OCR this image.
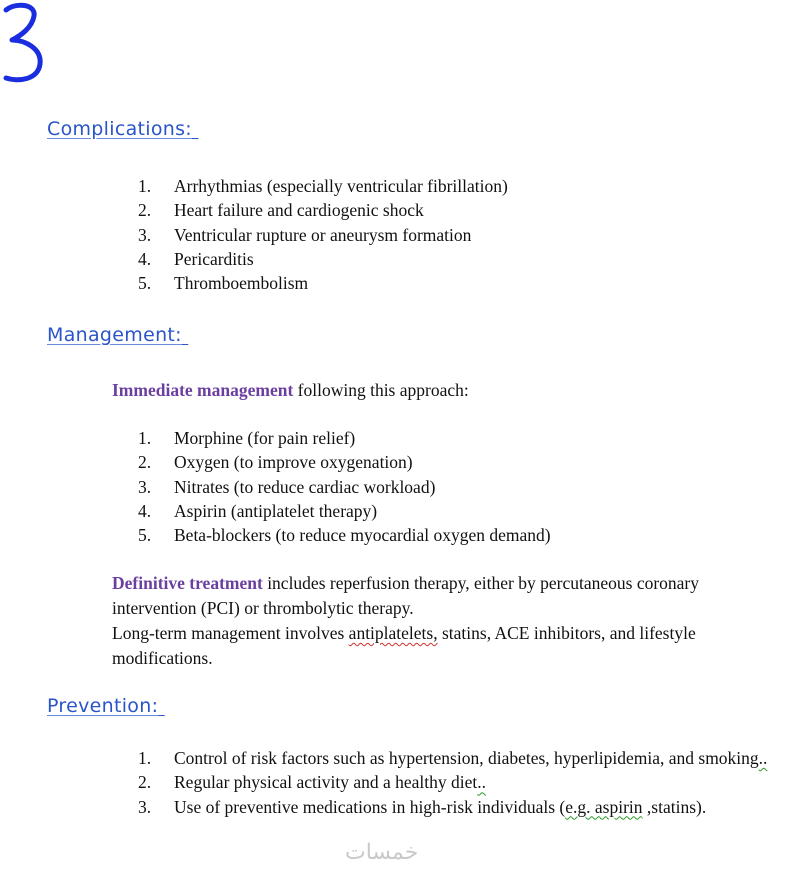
Complications:
1.	Arrhythmias (especially ventricular fibrillation)
2.	Heart failure and cardiogenic shock
3.	Ventricular rupture or aneurysm formation
4.	Pericarditis
5.	Thromboembolism
Management:

Immediate management following this approach:

1.	Morphine (for pain relief)
2.	Oxygen (to improve oxygenation)
3.	Nitrates (to reduce cardiac workload)
4.	Aspirin (antiplatelet therapy)
5.	Beta-blockers (to reduce myocardial oxygen demand)

Definitive treatment includes reperfusion therapy, either by percutaneous coronary intervention (PCI) or thrombolytic therapy.

Long-term management involves antiplatelets, statins, ACE inhibitors, and lifestyle modifications.

Prevention:
1.	Control of risk factors such as hypertension, diabetes, hyperlipidemia, and smoking..
2.	Regular physical activity and a healthy diet..
3.	Use of preventive medications in high-risk individuals (e.g. aspirin ,statins).
خمسات
